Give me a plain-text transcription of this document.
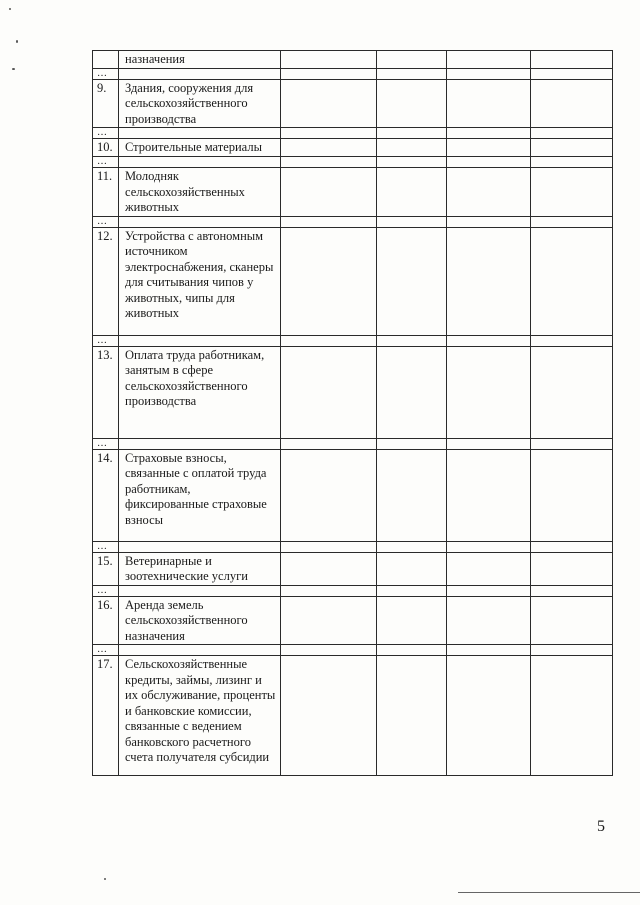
	назначения				
…					
9.	Здания, сооружения для сельскохозяйственного производства				
…					
10.	Строительные материалы				
…					
11.	Молодняк сельскохозяйственных животных				
…					
12.	Устройства с автономным источником электроснабжения, сканеры для считывания чипов у животных, чипы для животных				
…					
13.	Оплата труда работникам, занятым в сфере сельскохозяйственного производства				
…					
14.	Страховые взносы, связанные с оплатой труда работникам, фиксированные страховые взносы				
…					
15.	Ветеринарные и зоотехнические услуги				
…					
16.	Аренда земель сельскохозяйственного назначения				
…					
17.	Сельскохозяйственные кредиты, займы, лизинг и их обслуживание, проценты и банковские комиссии, связанные с ведением банковского расчетного счета получателя субсидии				
5
